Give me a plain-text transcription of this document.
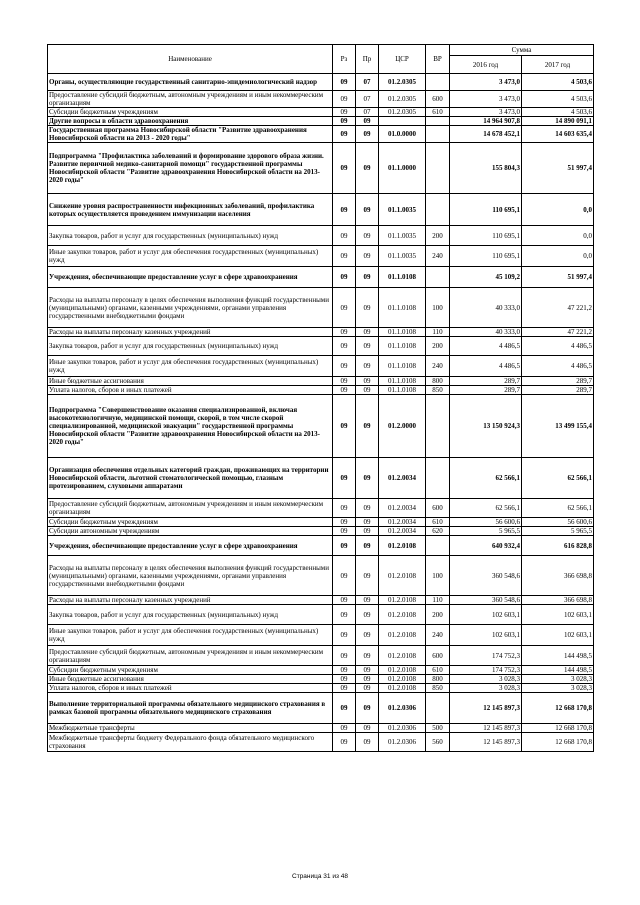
Наименование	Рз	Пр	ЦСР	ВР	Сумма	
					2016 год	2017 год
Органы, осуществляющие государственный санитарно-эпидемиологический надзор	09	07	01.2.0305		3 473,0	4 503,6
Предоставление субсидий бюджетным, автономным учреждениям и иным некоммерческим организациям	09	07	01.2.0305	600	3 473,0	4 503,6
Субсидии бюджетным учреждениям	09	07	01.2.0305	610	3 473,0	4 503,6
Другие вопросы в области здравоохранения	09	09			14 964 907,8	14 890 091,1
Государственная программа Новосибирской области "Развитие здравоохранения Новосибирской области на 2013 - 2020 годы"	09	09	01.0.0000		14 678 452,1	14 603 635,4
Подпрограмма "Профилактика заболеваний и формирование здорового образа жизни. Развитие первичной медико-санитарной помощи" государственной программы Новосибирской области "Развитие здравоохранения Новосибирской области на 2013-2020 годы"	09	09	01.1.0000		155 804,3	51 997,4
Снижение уровня распространенности инфекционных заболеваний, профилактика которых осуществляется проведением иммунизации населения	09	09	01.1.0035		110 695,1	0,0
Закупка товаров, работ и услуг для государственных (муниципальных) нужд	09	09	01.1.0035	200	110 695,1	0,0
Иные закупки товаров, работ и услуг для обеспечения государственных (муниципальных) нужд	09	09	01.1.0035	240	110 695,1	0,0
Учреждения, обеспечивающие предоставление услуг в сфере здравоохранения	09	09	01.1.0108		45 109,2	51 997,4
Расходы на выплаты персоналу в целях обеспечения выполнения функций государственными (муниципальными) органами, казенными учреждениями, органами управления государственными внебюджетными фондами	09	09	01.1.0108	100	40 333,0	47 221,2
Расходы на выплаты персоналу казенных учреждений	09	09	01.1.0108	110	40 333,0	47 221,2
Закупка товаров, работ и услуг для государственных (муниципальных) нужд	09	09	01.1.0108	200	4 486,5	4 486,5
Иные закупки товаров, работ и услуг для обеспечения государственных (муниципальных) нужд	09	09	01.1.0108	240	4 486,5	4 486,5
Иные бюджетные ассигнования	09	09	01.1.0108	800	289,7	289,7
Уплата налогов, сборов и иных платежей	09	09	01.1.0108	850	289,7	289,7
Подпрограмма "Совершенствование оказания специализированной, включая высокотехнологичную, медицинской помощи, скорой, в том числе скорой специализированной, медицинской эвакуации" государственной программы Новосибирской области "Развитие здравоохранения Новосибирской области на 2013-2020 годы"	09	09	01.2.0000		13 150 924,3	13 499 155,4
Организация обеспечения отдельных категорий граждан, проживающих на территории Новосибирской области, льготной стоматологической помощью, глазным протезированием, слуховыми аппаратами	09	09	01.2.0034		62 566,1	62 566,1
Предоставление субсидий бюджетным, автономным учреждениям и иным некоммерческим организациям	09	09	01.2.0034	600	62 566,1	62 566,1
Субсидии бюджетным учреждениям	09	09	01.2.0034	610	56 600,6	56 600,6
Субсидии автономным учреждениям	09	09	01.2.0034	620	5 965,5	5 965,5
Учреждения, обеспечивающие предоставление услуг в сфере здравоохранения	09	09	01.2.0108		640 932,4	616 828,8
Расходы на выплаты персоналу в целях обеспечения выполнения функций государственными (муниципальными) органами, казенными учреждениями, органами управления государственными внебюджетными фондами	09	09	01.2.0108	100	360 548,6	366 698,8
Расходы на выплаты персоналу казенных учреждений	09	09	01.2.0108	110	360 548,6	366 698,8
Закупка товаров, работ и услуг для государственных (муниципальных) нужд	09	09	01.2.0108	200	102 603,1	102 603,1
Иные закупки товаров, работ и услуг для обеспечения государственных (муниципальных) нужд	09	09	01.2.0108	240	102 603,1	102 603,1
Предоставление субсидий бюджетным, автономным учреждениям и иным некоммерческим организациям	09	09	01.2.0108	600	174 752,3	144 498,5
Субсидии бюджетным учреждениям	09	09	01.2.0108	610	174 752,3	144 498,5
Иные бюджетные ассигнования	09	09	01.2.0108	800	3 028,3	3 028,3
Уплата налогов, сборов и иных платежей	09	09	01.2.0108	850	3 028,3	3 028,3
Выполнение территориальной программы обязательного медицинского страхования в рамках базовой программы обязательного медицинского страхования	09	09	01.2.0306		12 145 897,3	12 668 170,8
Межбюджетные трансферты	09	09	01.2.0306	500	12 145 897,3	12 668 170,8
Межбюджетные трансферты бюджету Федерального фонда обязательного медицинского страхования	09	09	01.2.0306	560	12 145 897,3	12 668 170,8
Страница 31 из 48
